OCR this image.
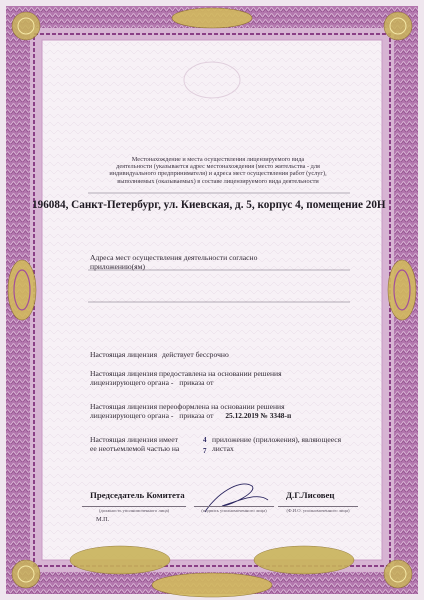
Местонахождение и места осуществления лицензируемого вида
деятельности (указывается адрес местонахождения (место жительства - для
индивидуального предпринимателя) и адреса мест осуществления работ (услуг),
выполняемых (оказываемых) в составе лицензируемого вида деятельности
196084, Санкт-Петербург, ул. Киевская, д. 5, корпус 4, помещение 20Н
Адреса мест осуществления деятельности согласно
приложению(ям)
Настоящая лицензия действует бессрочно
Настоящая лицензия предоставлена на основании решения
лицензирующего органа - приказа от
Настоящая лицензия переоформлена на основании решения
лицензирующего органа - приказа от 25.12.2019 № 3348-п
Настоящая лицензия имеет	4 приложение (приложения), являющееся
ее неотъемлемой частью на	7 листах
Председатель Комитета	Д.Г.Лисовец
(должность уполномоченного лица)	(подпись уполномоченного лица)	(Ф.И.О. уполномоченного лица)
М.П.
